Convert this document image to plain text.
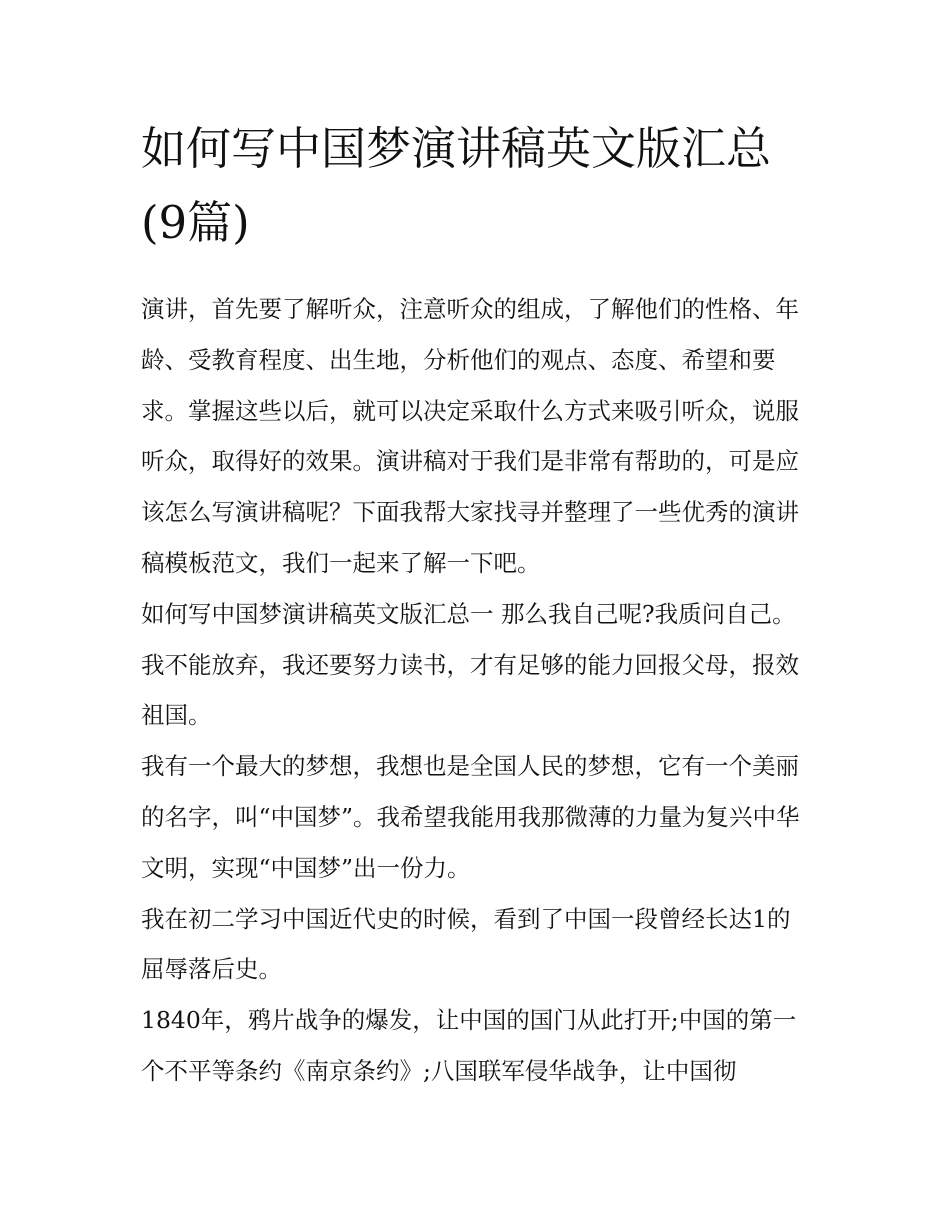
如何写中国梦演讲稿英文版汇总(9篇)

演讲，首先要了解听众，注意听众的组成，了解他们的性格、年龄、受教育程度、出生地，分析他们的观点、态度、希望和要求。掌握这些以后，就可以决定采取什么方式来吸引听众，说服听众，取得好的效果。演讲稿对于我们是非常有帮助的，可是应该怎么写演讲稿呢？下面我帮大家找寻并整理了一些优秀的演讲稿模板范文，我们一起来了解一下吧。

如何写中国梦演讲稿英文版汇总一 那么我自己呢?我质问自己。我不能放弃，我还要努力读书，才有足够的能力回报父母，报效祖国。

我有一个最大的梦想，我想也是全国人民的梦想，它有一个美丽的名字，叫“中国梦”。我希望我能用我那微薄的力量为复兴中华文明，实现“中国梦”出一份力。

我在初二学习中国近代史的时候，看到了中国一段曾经长达1的屈辱落后史。

1840年，鸦片战争的爆发，让中国的国门从此打开;中国的第一个不平等条约《南京条约》;八国联军侵华战争，让中国彻
